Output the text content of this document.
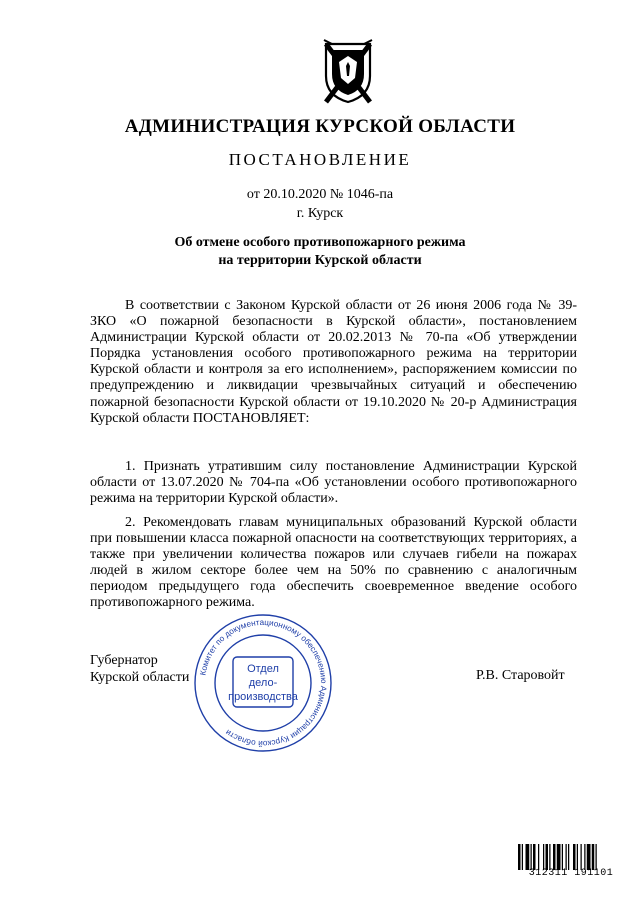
АДМИНИСТРАЦИЯ КУРСКОЙ ОБЛАСТИ
ПОСТАНОВЛЕНИЕ
от 20.10.2020 № 1046-па
г. Курск
Об отмене особого противопожарного режима
на территории Курской области

В соответствии с Законом Курской области от 26 июня 2006 года № 39-ЗКО «О пожарной безопасности в Курской области», постановлением Администрации Курской области от 20.02.2013 № 70-па «Об утверждении Порядка установления особого противопожарного режима на территории Курской области и контроля за его исполнением», распоряжением комиссии по предупреждению и ликвидации чрезвычайных ситуаций и обеспечению пожарной безопасности Курской области от 19.10.2020 № 20-р Администрация Курской области ПОСТАНОВЛЯЕТ:

1. Признать утратившим силу постановление Администрации Курской области от 13.07.2020 № 704-па «Об установлении особого противопожарного режима на территории Курской области».

2. Рекомендовать главам муниципальных образований Курской области при повышении класса пожарной опасности на соответствующих территориях, а также при увеличении количества пожаров или случаев гибели на пожарах людей в жилом секторе более чем на 50% по сравнению с аналогичным периодом предыдущего года обеспечить своевременное введение особого противопожарного режима.

Губернатор
Курской области	Р.В. Старовойт
Комитет по документационному обеспечению Администрации Курской области
Отдел
дело-
производства
312311 191101
